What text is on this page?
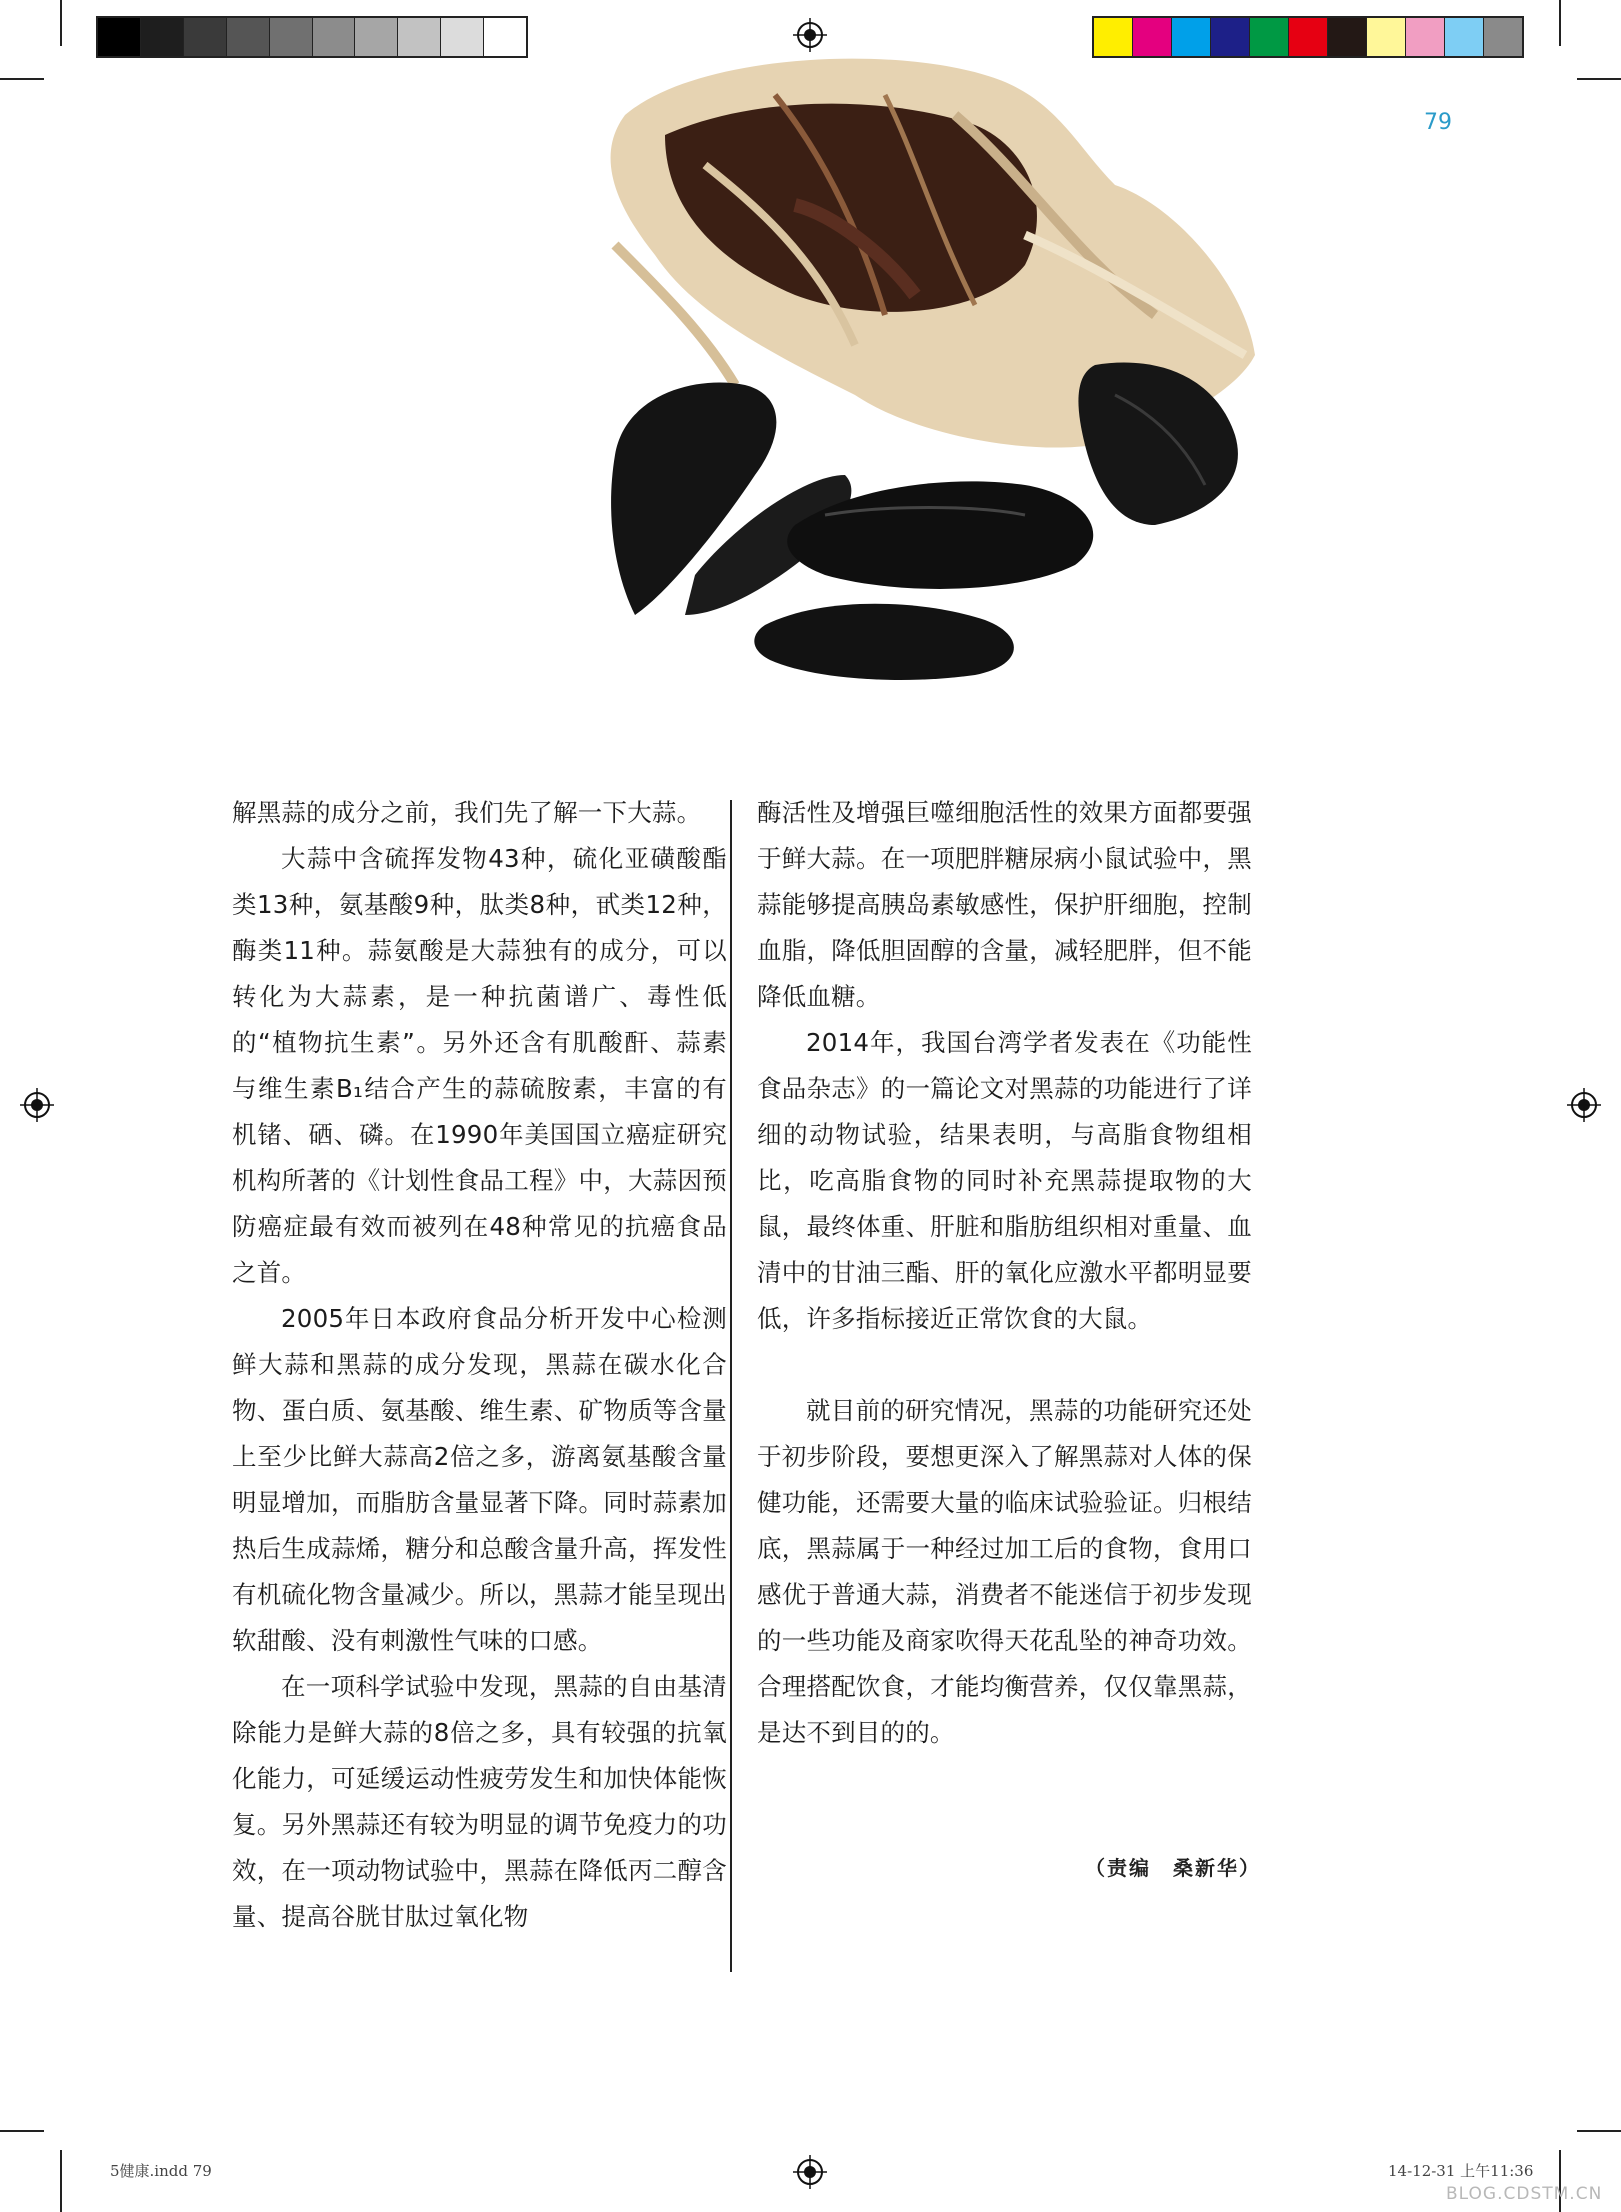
79

解黑蒜的成分之前，我们先了解一下大蒜。

大蒜中含硫挥发物43种，硫化亚磺酸酯类13种，氨基酸9种，肽类8种，甙类12种，酶类11种。蒜氨酸是大蒜独有的成分，可以转化为大蒜素，是一种抗菌谱广、毒性低的“植物抗生素”。另外还含有肌酸酐、蒜素与维生素B₁结合产生的蒜硫胺素，丰富的有机锗、硒、磷。在1990年美国国立癌症研究机构所著的《计划性食品工程》中，大蒜因预防癌症最有效而被列在48种常见的抗癌食品之首。

2005年日本政府食品分析开发中心检测鲜大蒜和黑蒜的成分发现，黑蒜在碳水化合物、蛋白质、氨基酸、维生素、矿物质等含量上至少比鲜大蒜高2倍之多，游离氨基酸含量明显增加，而脂肪含量显著下降。同时蒜素加热后生成蒜烯，糖分和总酸含量升高，挥发性有机硫化物含量减少。所以，黑蒜才能呈现出软甜酸、没有刺激性气味的口感。

在一项科学试验中发现，黑蒜的自由基清除能力是鲜大蒜的8倍之多，具有较强的抗氧化能力，可延缓运动性疲劳发生和加快体能恢复。另外黑蒜还有较为明显的调节免疫力的功效，在一项动物试验中，黑蒜在降低丙二醇含量、提高谷胱甘肽过氧化物

酶活性及增强巨噬细胞活性的效果方面都要强于鲜大蒜。在一项肥胖糖尿病小鼠试验中，黑蒜能够提高胰岛素敏感性，保护肝细胞，控制血脂，降低胆固醇的含量，减轻肥胖，但不能降低血糖。

2014年，我国台湾学者发表在《功能性食品杂志》的一篇论文对黑蒜的功能进行了详细的动物试验，结果表明，与高脂食物组相比，吃高脂食物的同时补充黑蒜提取物的大鼠，最终体重、肝脏和脂肪组织相对重量、血清中的甘油三酯、肝的氧化应激水平都明显要低，许多指标接近正常饮食的大鼠。

就目前的研究情况，黑蒜的功能研究还处于初步阶段，要想更深入了解黑蒜对人体的保健功能，还需要大量的临床试验验证。归根结底，黑蒜属于一种经过加工后的食物，食用口感优于普通大蒜，消费者不能迷信于初步发现的一些功能及商家吹得天花乱坠的神奇功效。合理搭配饮食，才能均衡营养，仅仅靠黑蒜，是达不到目的的。

（责编　桑新华）
5健康.indd 79	14-12-31 上午11:36
BLOG.CDSTM.CN
